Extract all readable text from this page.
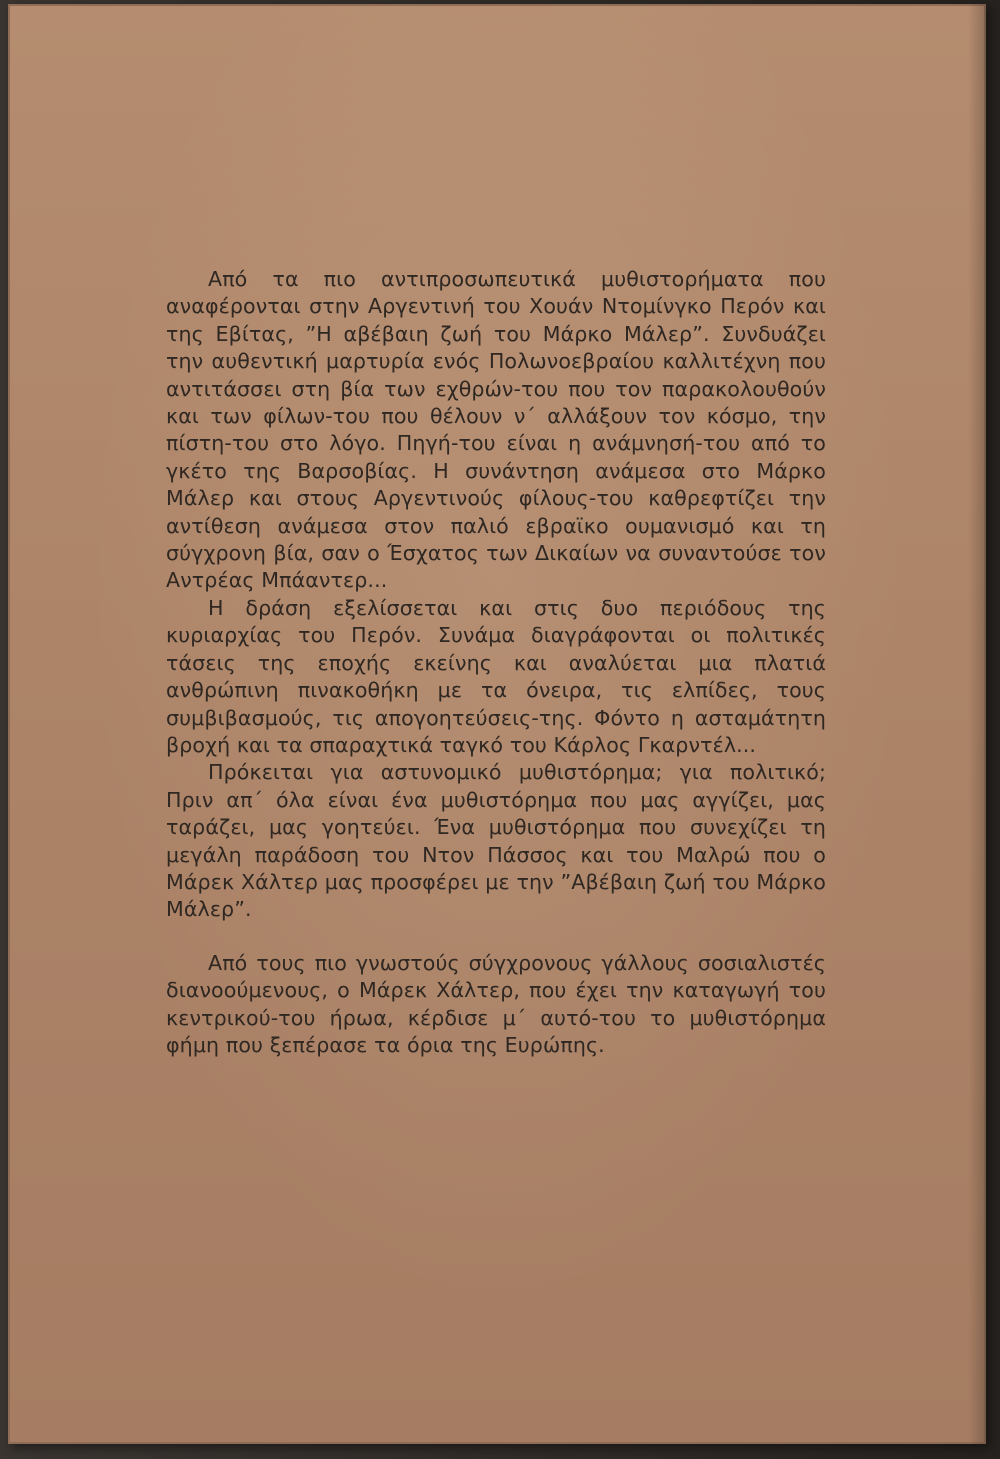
Από τα πιο αντιπροσωπευτικά μυθιστορήματα που αναφέρονται στην Αργεντινή του Χουάν Ντομίνγκο Περόν και της Εβίτας, ”Η αβέβαιη ζωή του Μάρκο Μάλερ”. Συνδυάζει την αυθεντική μαρτυρία ενός Πολωνοεβραίου καλλιτέχνη που αντιτάσσει στη βία των εχθρών-του που τον παρακολουθούν και των φίλων-του που θέλουν ν΄ αλλάξουν τον κόσμο, την πίστη-του στο λόγο. Πηγή-του είναι η ανάμνησή-του από το γκέτο της Βαρσοβίας. Η συνάντηση ανάμεσα στο Μάρκο Μάλερ και στους Αργεντινούς φίλους-του καθρεφτίζει την αντίθεση ανάμεσα στον παλιό εβραϊκο ουμανισμό και τη σύγχρονη βία, σαν ο Έσχατος των Δικαίων να συναντούσε τον Αντρέας Μπάαντερ...

Η δράση εξελίσσεται και στις δυο περιόδους της κυριαρχίας του Περόν. Συνάμα διαγράφονται οι πολιτικές τάσεις της εποχής εκείνης και αναλύεται μια πλατιά ανθρώπινη πινακοθήκη με τα όνειρα, τις ελπίδες, τους συμβιβασμούς, τις απογοητεύσεις-της. Φόντο η ασταμάτητη βροχή και τα σπαραχτικά ταγκό του Κάρλος Γκαρντέλ...

Πρόκειται για αστυνομικό μυθιστόρημα; για πολιτικό; Πριν απ΄ όλα είναι ένα μυθιστόρημα που μας αγγίζει, μας ταράζει, μας γοητεύει. Ένα μυθιστόρημα που συνεχίζει τη μεγάλη παράδοση του Ντον Πάσσος και του Μαλρώ που ο Μάρεκ Χάλτερ μας προσφέρει με την ”Αβέβαιη ζωή του Μάρκο Μάλερ”.

Από τους πιο γνωστούς σύγχρονους γάλλους σοσιαλιστές διανοούμενους, ο Μάρεκ Χάλτερ, που έχει την καταγωγή του κεντρικού-του ήρωα, κέρδισε μ΄ αυτό-του το μυθιστόρημα φήμη που ξεπέρασε τα όρια της Ευρώπης.
